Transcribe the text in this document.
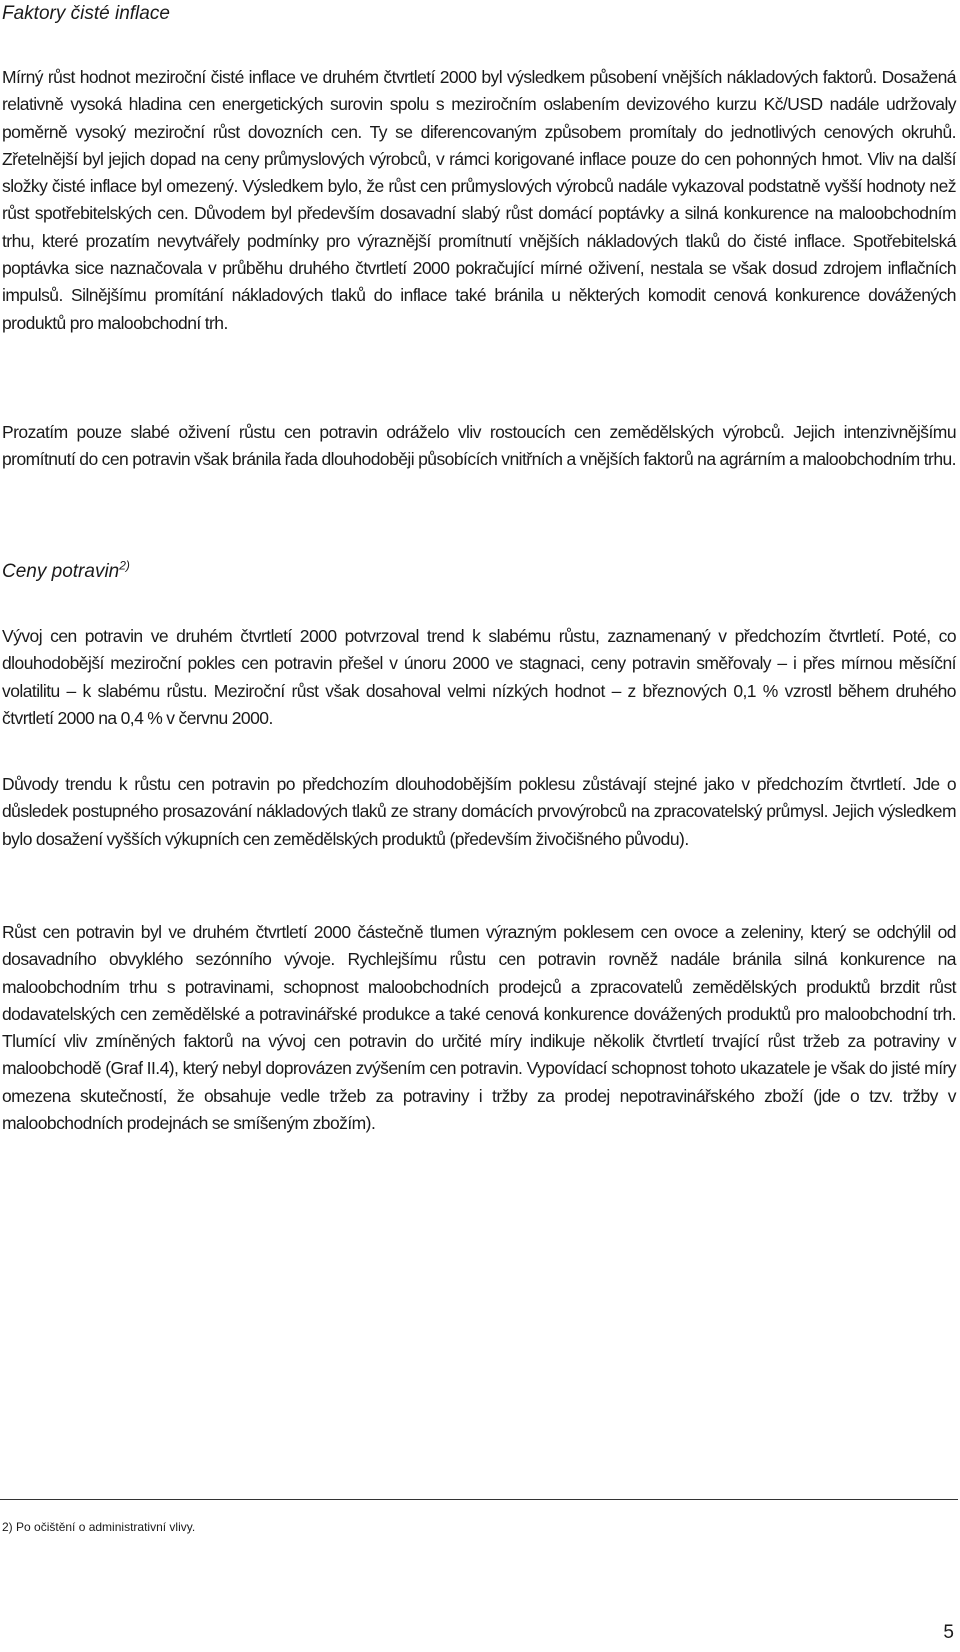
Faktory čisté inflace

Mírný růst hodnot meziroční čisté inflace ve druhém čtvrtletí 2000 byl výsledkem působení vnějších nákladových faktorů. Dosažená relativně vysoká hladina cen energetických surovin spolu s meziročním oslabením devizového kurzu Kč/USD nadále udržovaly poměrně vysoký meziroční růst dovozních cen. Ty se diferencovaným způsobem promítaly do jednotlivých cenových okruhů. Zřetelnější byl jejich dopad na ceny průmyslových výrobců, v rámci korigované inflace pouze do cen pohonných hmot. Vliv na další složky čisté inflace byl omezený. Výsledkem bylo, že růst cen průmyslových výrobců nadále vykazoval podstatně vyšší hodnoty než růst spotřebitelských cen. Důvodem byl především dosavadní slabý růst domácí poptávky a silná konkurence na maloobchodním trhu, které prozatím nevytvářely podmínky pro výraznější promítnutí vnějších nákladových tlaků do čisté inflace. Spotřebitelská poptávka sice naznačovala v průběhu druhého čtvrtletí 2000 pokračující mírné oživení, nestala se však dosud zdrojem inflačních impulsů. Silnějšímu promítání nákladových tlaků do inflace také bránila u některých komodit cenová konkurence dovážených produktů pro maloobchodní trh.

Prozatím pouze slabé oživení růstu cen potravin odráželo vliv rostoucích cen zemědělských výrobců. Jejich intenzivnějšímu promítnutí do cen potravin však bránila řada dlouhodoběji působících vnitřních a vnějších faktorů na agrárním a maloobchodním trhu.

Ceny potravin$^{2)}$

Vývoj cen potravin ve druhém čtvrtletí 2000 potvrzoval trend k slabému růstu, zaznamenaný v předchozím čtvrtletí. Poté, co dlouhodobější meziroční pokles cen potravin přešel v únoru 2000 ve stagnaci, ceny potravin směřovaly – i přes mírnou měsíční volatilitu – k slabému růstu. Meziroční růst však dosahoval velmi nízkých hodnot – z březnových 0,1 % vzrostl během druhého čtvrtletí 2000 na 0,4 % v červnu 2000.

Důvody trendu k růstu cen potravin po předchozím dlouhodobějším poklesu zůstávají stejné jako v předchozím čtvrtletí. Jde o důsledek postupného prosazování nákladových tlaků ze strany domácích prvovýrobců na zpracovatelský průmysl. Jejich výsledkem bylo dosažení vyšších výkupních cen zemědělských produktů (především živočišného původu).

Růst cen potravin byl ve druhém čtvrtletí 2000 částečně tlumen výrazným poklesem cen ovoce a zeleniny, který se odchýlil od dosavadního obvyklého sezónního vývoje. Rychlejšímu růstu cen potravin rovněž nadále bránila silná konkurence na maloobchodním trhu s potravinami, schopnost maloobchodních prodejců a zpracovatelů zemědělských produktů brzdit růst dodavatelských cen zemědělské a potravinářské produkce a také cenová konkurence dovážených produktů pro maloobchodní trh. Tlumící vliv zmíněných faktorů na vývoj cen potravin do určité míry indikuje několik čtvrtletí trvající růst tržeb za potraviny v maloobchodě (Graf II.4), který nebyl doprovázen zvýšením cen potravin. Vypovídací schopnost tohoto ukazatele je však do jisté míry omezena skutečností, že obsahuje vedle tržeb za potraviny i tržby za prodej nepotravinářského zboží (jde o tzv. tržby v maloobchodních prodejnách se smíšeným zbožím).

2) Po očištění o administrativní vlivy.

5
